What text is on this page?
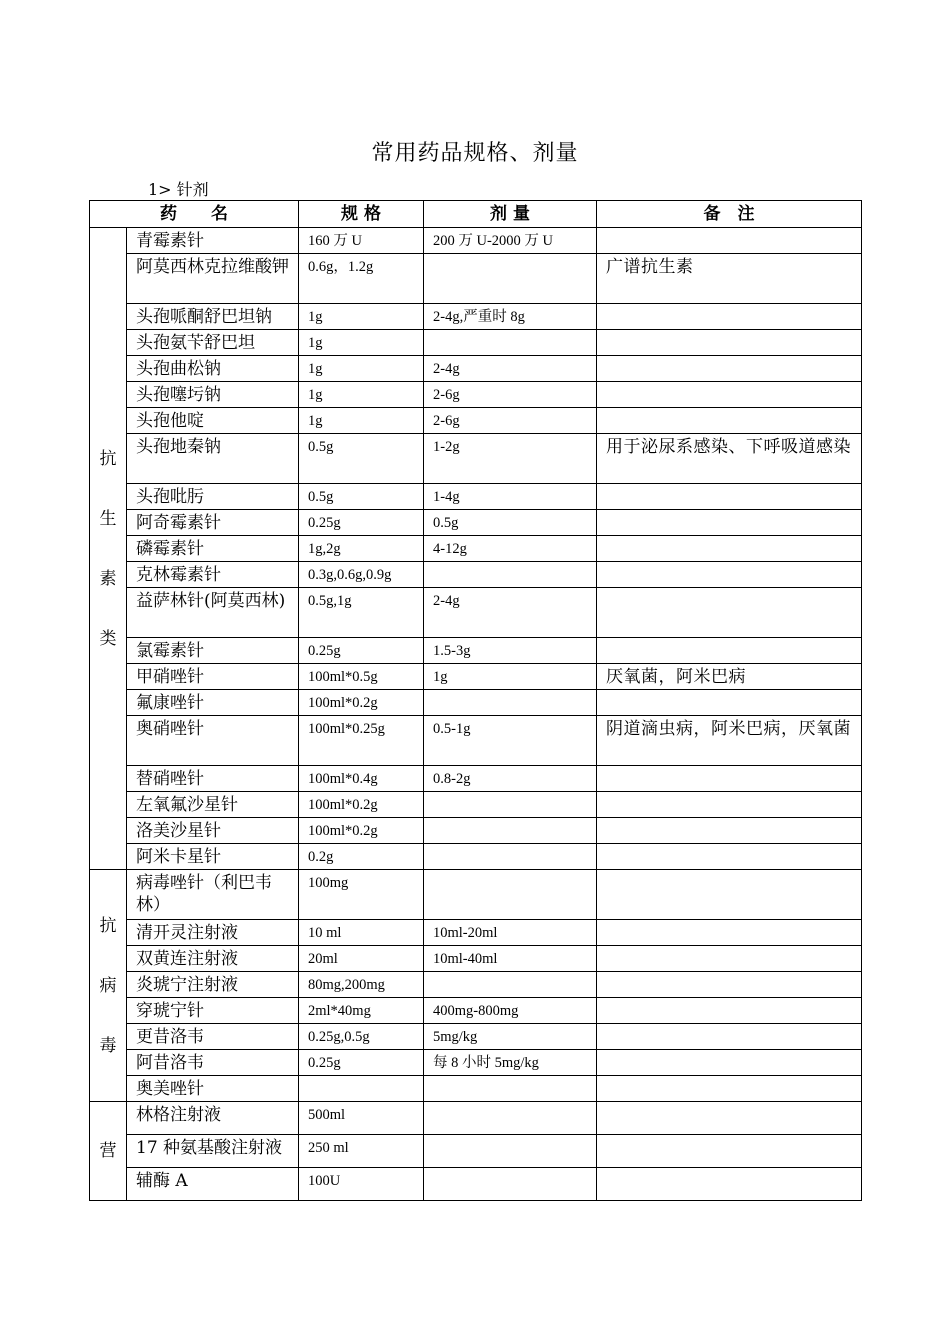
常用药品规格、剂量
1> 针剂
药　　名		规 格	剂 量	备　注

抗
生
素
类	青霉素针	160 万 U	200 万 U-2000 万 U	
	阿莫西林克拉维酸钾	0.6g，1.2g		广谱抗生素
	头孢哌酮舒巴坦钠	1g	2-4g,严重时 8g	
	头孢氨苄舒巴坦	1g		
	头孢曲松钠	1g	2-4g	
	头孢噻圬钠	1g	2-6g	
	头孢他啶	1g	2-6g	
	头孢地秦钠	0.5g	1-2g	用于泌尿系感染、下呼吸道感染
	头孢吡肟	0.5g	1-4g	
	阿奇霉素针	0.25g	0.5g	
	磷霉素针	1g,2g	4-12g	
	克林霉素针	0.3g,0.6g,0.9g		
	益萨林针(阿莫西林)	0.5g,1g	2-4g	
	氯霉素针	0.25g	1.5-3g	
	甲硝唑针	100ml*0.5g	1g	厌氧菌，阿米巴病
	氟康唑针	100ml*0.2g		
	奥硝唑针	100ml*0.25g	0.5-1g	阴道滴虫病，阿米巴病，厌氧菌
	替硝唑针	100ml*0.4g	0.8-2g	
	左氧氟沙星针	100ml*0.2g		
	洛美沙星针	100ml*0.2g		
	阿米卡星针	0.2g		

抗
病
毒	病毒唑针（利巴韦林）	100mg		
	清开灵注射液	10 ml	10ml-20ml	
	双黄连注射液	20ml	10ml-40ml	
	炎琥宁注射液	80mg,200mg		
	穿琥宁针	2ml*40mg	400mg-800mg	
	更昔洛韦	0.25g,0.5g	5mg/kg	
	阿昔洛韦	0.25g	每 8 小时 5mg/kg	
	奥美唑针			

营	林格注射液	500ml		
	17 种氨基酸注射液	250 ml		
	辅酶 A	100U		
